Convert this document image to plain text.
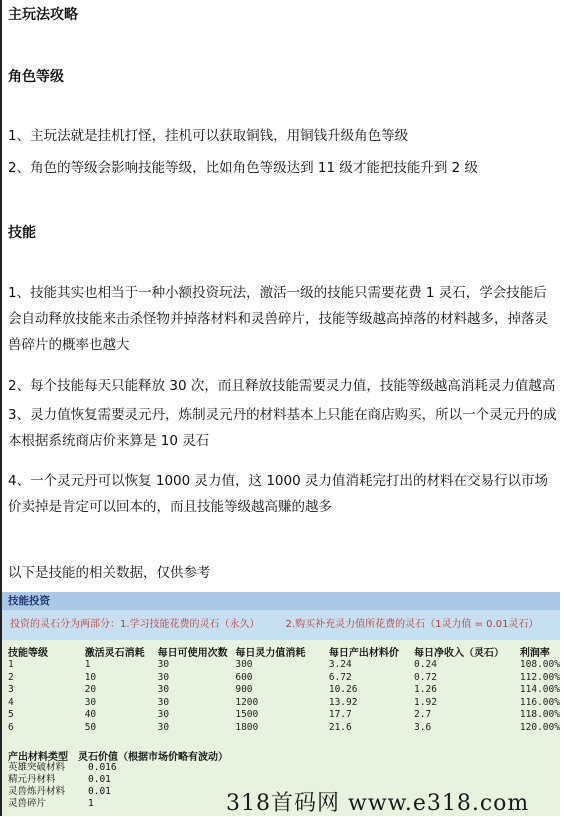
主玩法攻略
角色等级

1、主玩法就是挂机打怪，挂机可以获取铜钱，用铜钱升级角色等级

2、角色的等级会影响技能等级，比如角色等级达到 11 级才能把技能升到 2 级

技能

1、技能其实也相当于一种小额投资玩法，激活一级的技能只需要花费 1 灵石，学会技能后会自动释放技能来击杀怪物并掉落材料和灵兽碎片，技能等级越高掉落的材料越多，掉落灵兽碎片的概率也越大

2、每个技能每天只能释放 30 次，而且释放技能需要灵力值，技能等级越高消耗灵力值越高

3、灵力值恢复需要灵元丹，炼制灵元丹的材料基本上只能在商店购买，所以一个灵元丹的成本根据系统商店价来算是 10 灵石

4、一个灵元丹可以恢复 1000 灵力值，这 1000 灵力值消耗完打出的材料在交易行以市场价卖掉是肯定可以回本的，而且技能等级越高赚的越多

以下是技能的相关数据，仅供参考

技能投资
投资的灵石分为两部分：1.学习技能花费的灵石（永久）	2.购买补充灵力值所花费的灵石（1灵力值 = 0.01灵石）
技能等级	激活灵石消耗	每日可使用次数	每日灵力值消耗	每日产出材料价	每日净收入（灵石）	利润率
1	1	30	300	3.24	0.24	108.00%
2	10	30	600	6.72	0.72	112.00%
3	20	30	900	10.26	1.26	114.00%
4	30	30	1200	13.92	1.92	116.00%
5	40	30	1500	17.7	2.7	118.00%
6	50	30	1800	21.6	3.6	120.00%
产出材料类型 灵石价值（根据市场价略有波动）
英雄突破材料 0.016
精元丹材料	0.01
灵兽炼丹材料 0.01
灵兽碎片	1	318首码网 www.e318.com
